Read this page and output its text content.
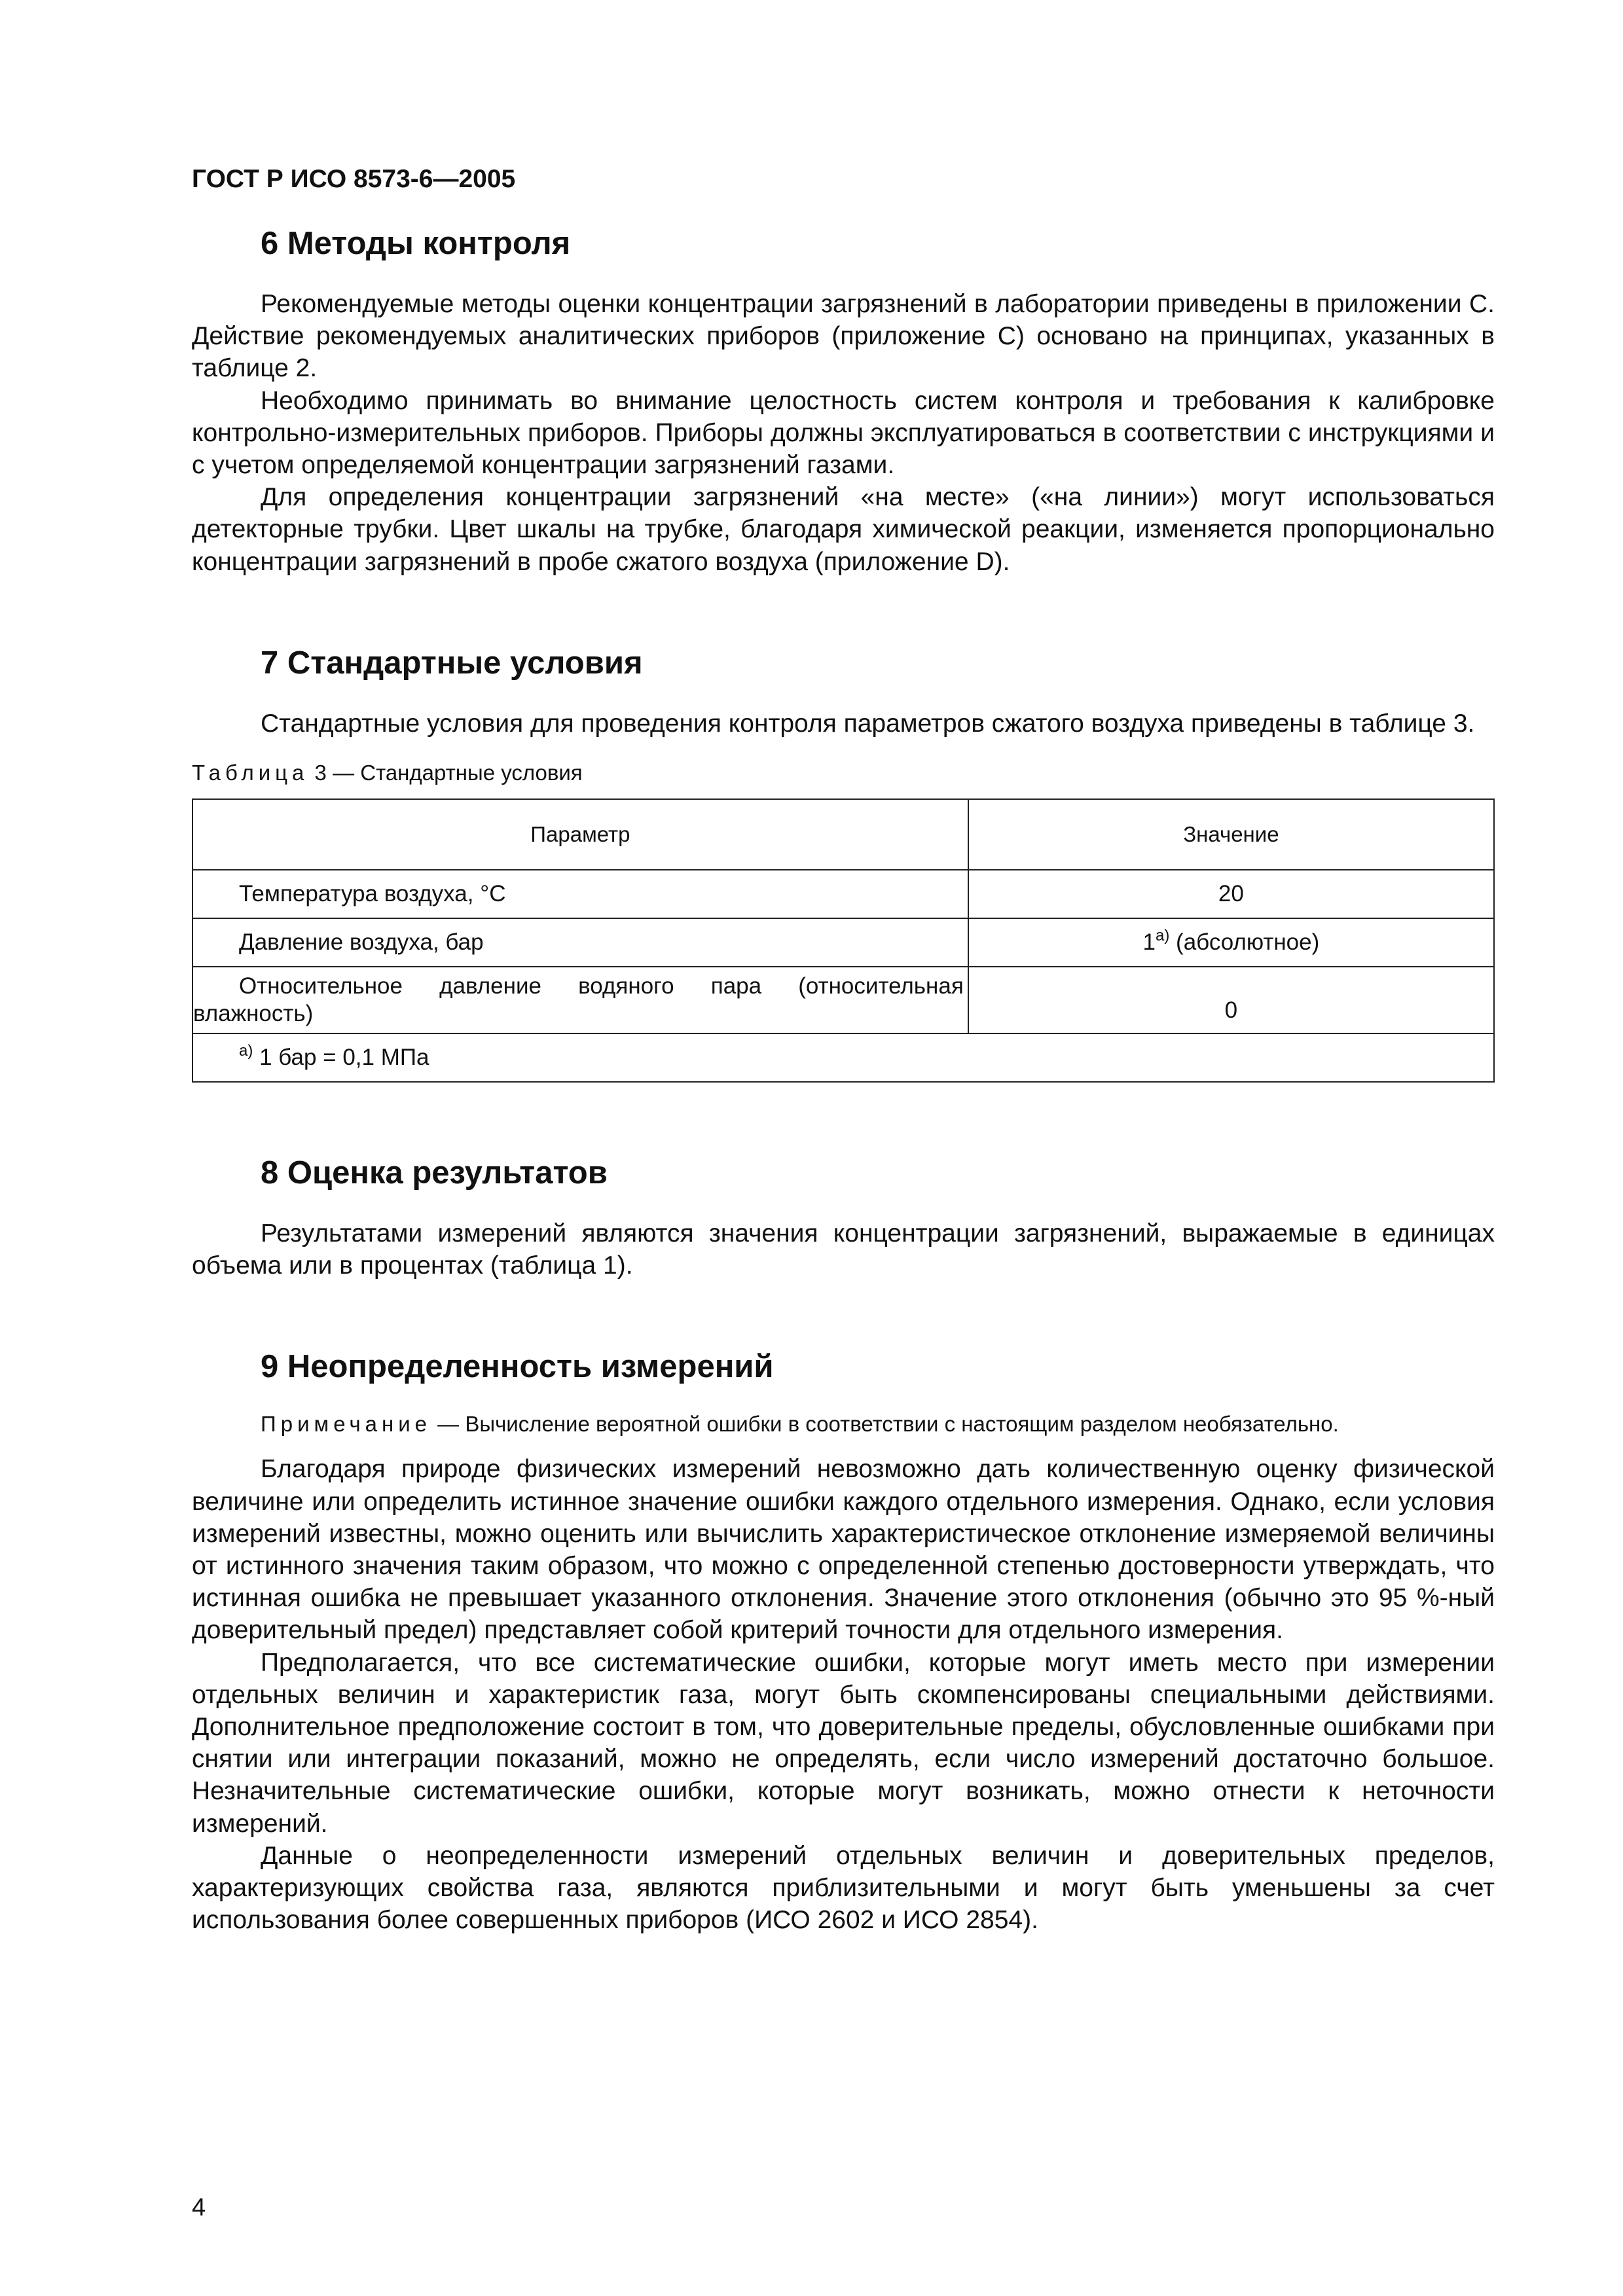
ГОСТ Р ИСО 8573-6—2005

6 Методы контроля

Рекомендуемые методы оценки концентрации загрязнений в лаборатории приведены в приложении С. Действие рекомендуемых аналитических приборов (приложение С) основано на принципах, указанных в таблице 2.

Необходимо принимать во внимание целостность систем контроля и требования к калибровке контрольно-измерительных приборов. Приборы должны эксплуатироваться в соответствии с инструкциями и с учетом определяемой концентрации загрязнений газами.

Для определения концентрации загрязнений «на месте» («на линии») могут использоваться детекторные трубки. Цвет шкалы на трубке, благодаря химической реакции, изменяется пропорционально концентрации загрязнений в пробе сжатого воздуха (приложение D).

7 Стандартные условия

Стандартные условия для проведения контроля параметров сжатого воздуха приведены в таблице 3.

Таблица 3 — Стандартные условия

Параметр	Значение
Температура воздуха, °С	20
Давление воздуха, бар	$1^{а)}$ (абсолютное)

Относительное давление водяного пара (относительная
влажность)	0
$^{а)}$ 1 бар = 0,1 МПа	
8 Оценка результатов

Результатами измерений являются значения концентрации загрязнений, выражаемые в единицах объема или в процентах (таблица 1).

9 Неопределенность измерений

Примечание — Вычисление вероятной ошибки в соответствии с настоящим разделом необязательно.

Благодаря природе физических измерений невозможно дать количественную оценку физической величине или определить истинное значение ошибки каждого отдельного измерения. Однако, если условия измерений известны, можно оценить или вычислить характеристическое отклонение измеряемой величины от истинного значения таким образом, что можно с определенной степенью достоверности утверждать, что истинная ошибка не превышает указанного отклонения. Значение этого отклонения (обычно это 95 %-ный доверительный предел) представляет собой критерий точности для отдельного измерения.

Предполагается, что все систематические ошибки, которые могут иметь место при измерении отдельных величин и характеристик газа, могут быть скомпенсированы специальными действиями. Дополнительное предположение состоит в том, что доверительные пределы, обусловленные ошибками при снятии или интеграции показаний, можно не определять, если число измерений достаточно большое. Незначительные систематические ошибки, которые могут возникать, можно отнести к неточности измерений.

Данные о неопределенности измерений отдельных величин и доверительных пределов, характеризующих свойства газа, являются приблизительными и могут быть уменьшены за счет использования более совершенных приборов (ИСО 2602 и ИСО 2854).

4
